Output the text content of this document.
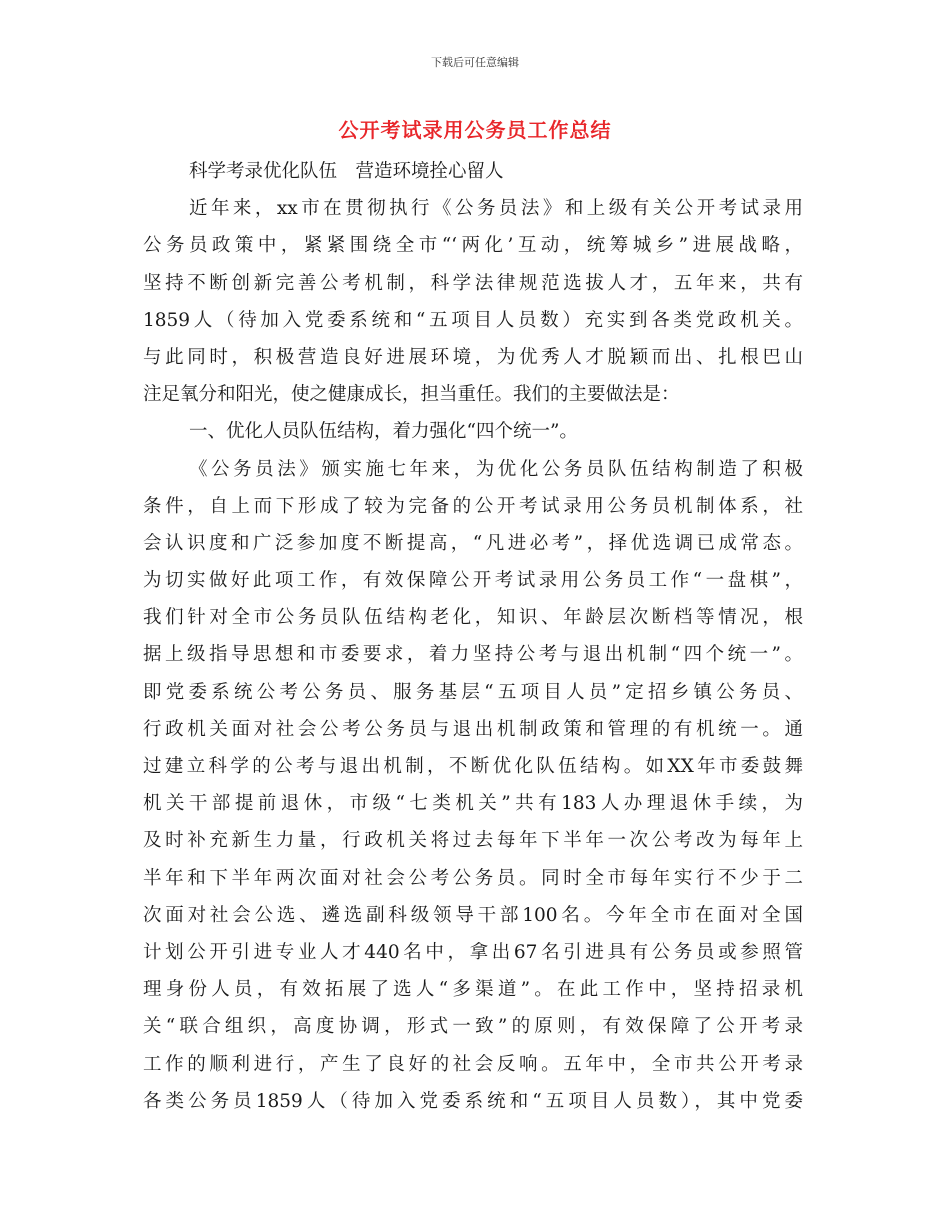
下载后可任意编辑
公开考试录用公务员工作总结
科学考录优化队伍　营造环境拴心留人
近年来，xx市在贯彻执行《公务员法》和上级有关公开考试录用
公务员政策中，紧紧围绕全市“‘两化’互动，统筹城乡”进展战略，
坚持不断创新完善公考机制，科学法律规范选拔人才，五年来，共有
1859人（待加入党委系统和“五项目人员数）充实到各类党政机关。
与此同时，积极营造良好进展环境，为优秀人才脱颖而出、扎根巴山
注足氧分和阳光，使之健康成长，担当重任。我们的主要做法是：
一、优化人员队伍结构，着力强化“四个统一”。
《公务员法》颁实施七年来，为优化公务员队伍结构制造了积极
条件，自上而下形成了较为完备的公开考试录用公务员机制体系，社
会认识度和广泛参加度不断提高，“凡进必考”，择优选调已成常态。
为切实做好此项工作，有效保障公开考试录用公务员工作“一盘棋”，
我们针对全市公务员队伍结构老化，知识、年龄层次断档等情况，根
据上级指导思想和市委要求，着力坚持公考与退出机制“四个统一”。
即党委系统公考公务员、服务基层“五项目人员”定招乡镇公务员、
行政机关面对社会公考公务员与退出机制政策和管理的有机统一。通
过建立科学的公考与退出机制，不断优化队伍结构。如XX年市委鼓舞
机关干部提前退休，市级“七类机关”共有183人办理退休手续，为
及时补充新生力量，行政机关将过去每年下半年一次公考改为每年上
半年和下半年两次面对社会公考公务员。同时全市每年实行不少于二
次面对社会公选、遴选副科级领导干部100名。今年全市在面对全国
计划公开引进专业人才440名中，拿出67名引进具有公务员或参照管
理身份人员，有效拓展了选人“多渠道”。在此工作中，坚持招录机
关“联合组织，高度协调，形式一致”的原则，有效保障了公开考录
工作的顺利进行，产生了良好的社会反响。五年中，全市共公开考录
各类公务员1859人（待加入党委系统和“五项目人员数），其中党委
